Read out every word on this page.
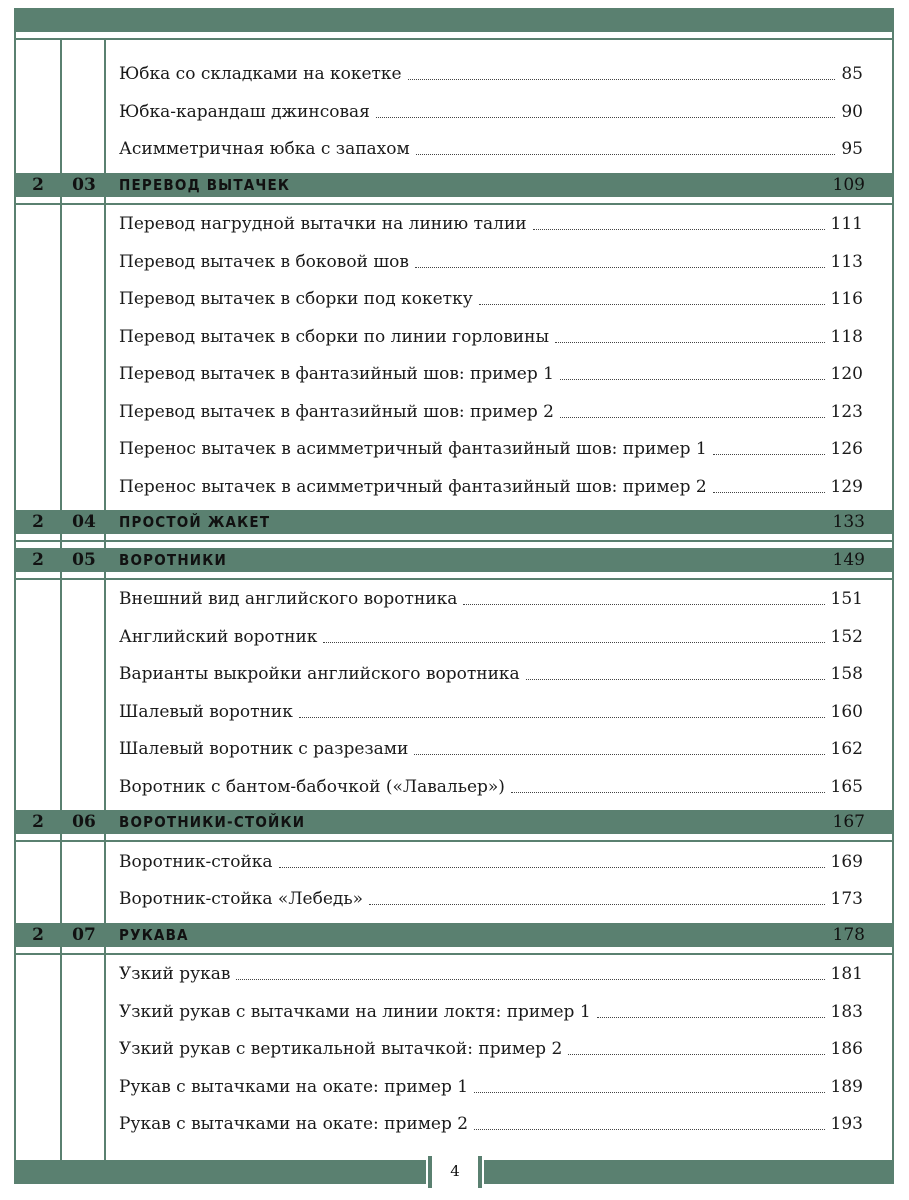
Юбка со складками на кокетке	85
Юбка-карандаш джинсовая	90
Асимметричная юбка с запахом	95
2	03	ПЕРЕВОД ВЫТАЧЕК	109
Перевод нагрудной вытачки на линию талии	111
Перевод вытачек в боковой шов	113
Перевод вытачек в сборки под кокетку	116
Перевод вытачек в сборки по линии горловины	118
Перевод вытачек в фантазийный шов: пример 1	120
Перевод вытачек в фантазийный шов: пример 2	123
Перенос вытачек в асимметричный фантазийный шов: пример 1	126
Перенос вытачек в асимметричный фантазийный шов: пример 2	129
2	04	ПРОСТОЙ ЖАКЕТ	133
2	05	ВОРОТНИКИ	149
Внешний вид английского воротника	151
Английский воротник	152
Варианты выкройки английского воротника	158
Шалевый воротник	160
Шалевый воротник с разрезами	162
Воротник с бантом-бабочкой («Лавальер»)	165
2	06	ВОРОТНИКИ-СТОЙКИ	167
Воротник-стойка	169
Воротник-стойка «Лебедь»	173
2	07	РУКАВА	178
Узкий рукав	181
Узкий рукав с вытачками на линии локтя: пример 1	183
Узкий рукав с вертикальной вытачкой: пример 2	186
Рукав с вытачками на окате: пример 1	189
Рукав с вытачками на окате: пример 2	193
4
